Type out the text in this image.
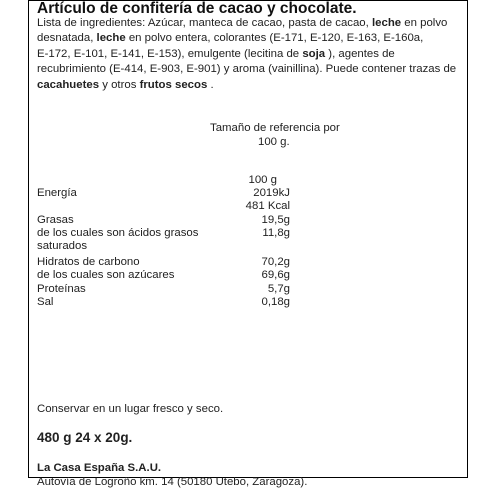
Artículo de confitería de cacao y chocolate.
Lista de ingredientes: Azúcar, manteca de cacao, pasta de cacao, leche en polvo
desnatada, leche en polvo entera, colorantes (E-171, E-120, E-163, E-160a,
E-172, E-101, E-141, E-153), emulgente (lecitina de soja ), agentes de
recubrimiento (E-414, E-903, E-901) y aroma (vainillina). Puede contener trazas de
cacahuetes y otros frutos secos .
Tamaño de referencia por
100 g.
100 g
Energía	2019kJ
481 Kcal
Grasas	19,5g
de los cuales son ácidos grasos	11,8g
saturados
Hidratos de carbono	70,2g
de los cuales son azúcares	69,6g
Proteínas	5,7g
Sal	0,18g
Conservar en un lugar fresco y seco.
480 g 24 x 20g.
La Casa España S.A.U.
Autovía de Logroño km. 14 (50180 Utebo, Zaragoza).
